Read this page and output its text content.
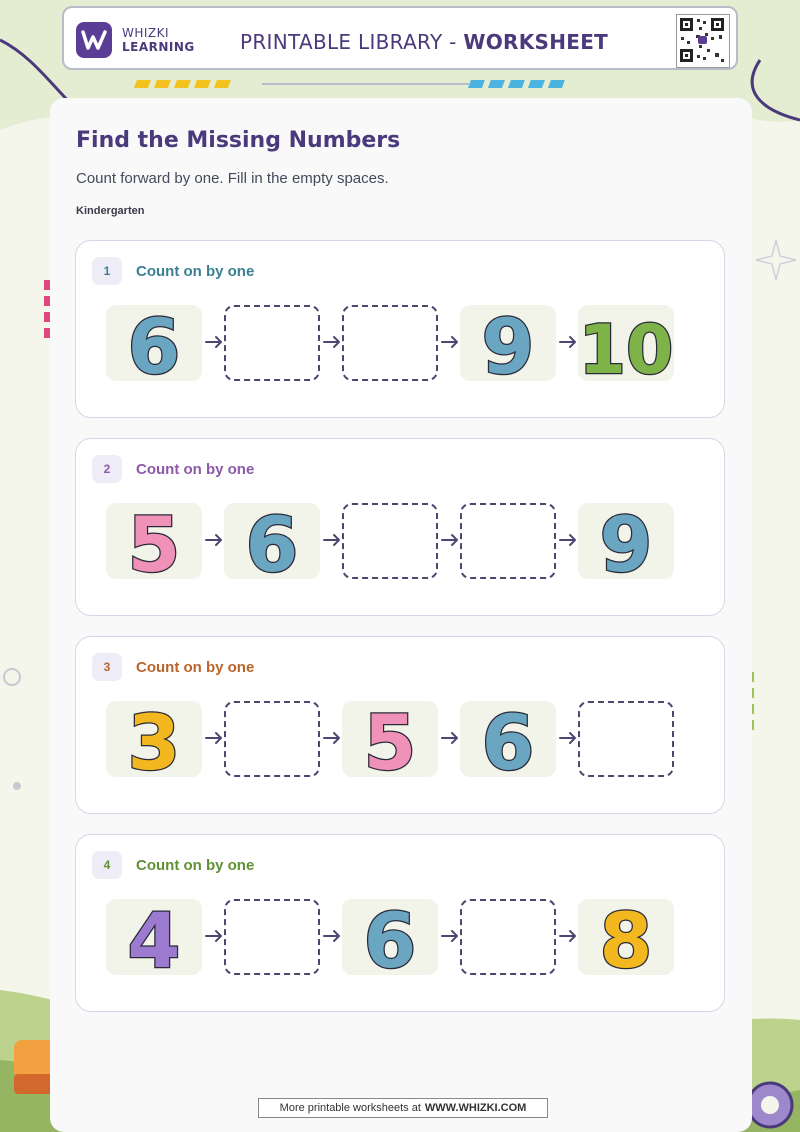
WHIZKI
LEARNING PRINTABLE LIBRARY - WORKSHEET
Find the Missing Numbers
Count forward by one. Fill in the empty spaces.
Kindergarten
1	Count on by one
6	9 10
2	Count on by one
5 6	9
3	Count on by one
3 5 6
4	Count on by one
4 6 8
More printable worksheets at WWW.WHIZKI.COM
